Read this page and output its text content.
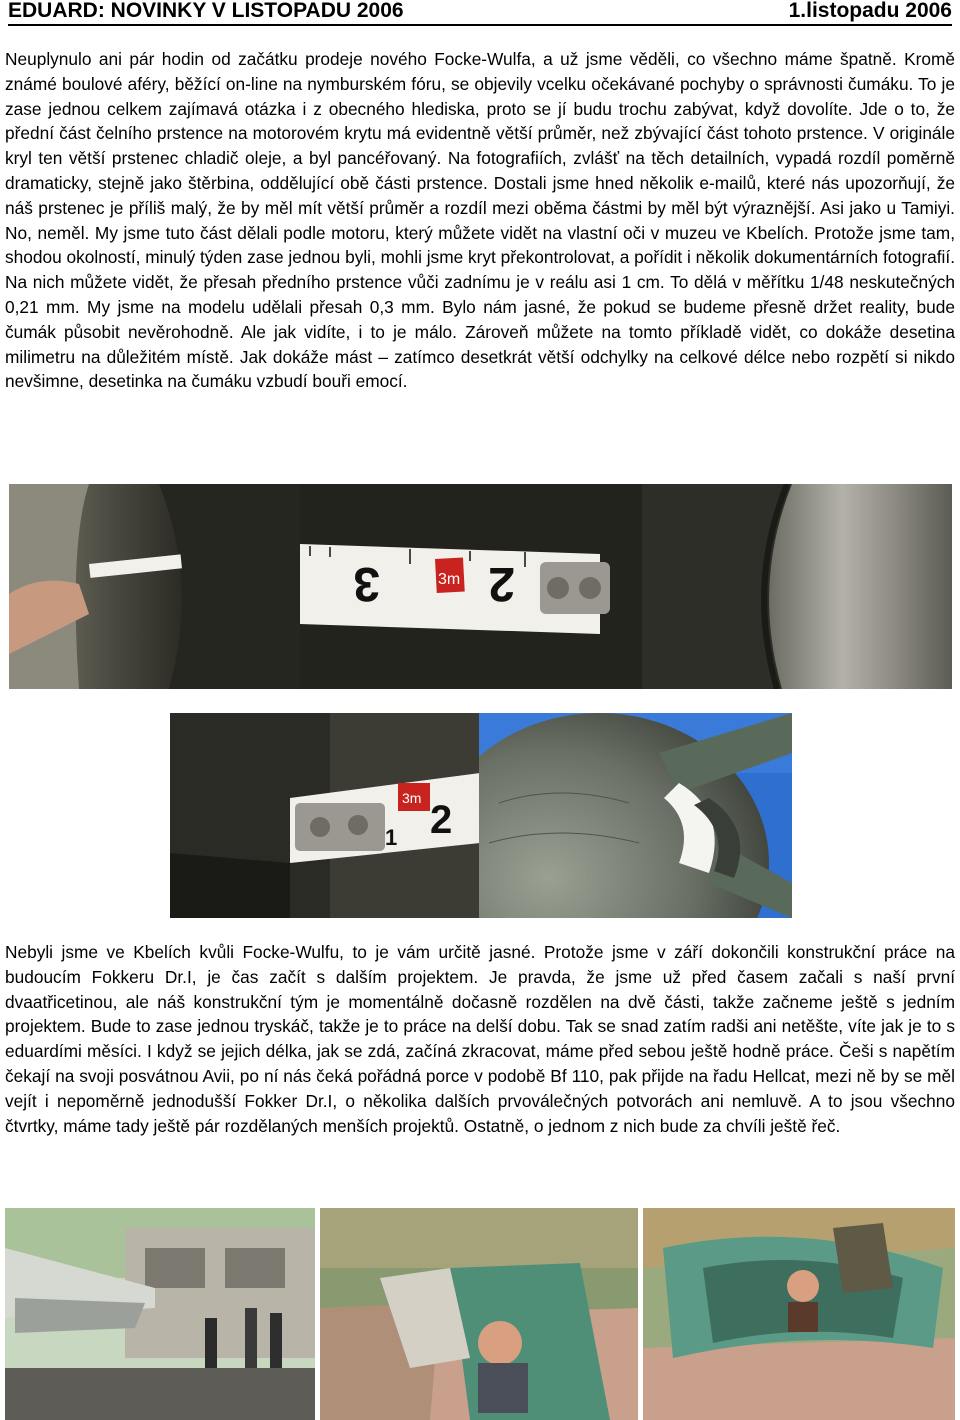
EDUARD: NOVINKY V LISTOPADU 2006	1.listopadu 2006

Neuplynulo ani pár hodin od začátku prodeje nového Focke-Wulfa, a už jsme věděli, co všechno máme špatně. Kromě známé boulové aféry, běžící on-line na nymburském fóru, se objevily vcelku očekávané pochyby o správnosti čumáku. To je zase jednou celkem zajímavá otázka i z obecného hlediska, proto se jí budu trochu zabývat, když dovolíte. Jde o to, že přední část čelního prstence na motorovém krytu má evidentně větší průměr, než zbývající část tohoto prstence. V originále kryl ten větší prstenec chladič oleje, a byl pancéřovaný. Na fotografiích, zvlášť na těch detailních, vypadá rozdíl poměrně dramaticky, stejně jako štěrbina, oddělující obě části prstence. Dostali jsme hned několik e-mailů, které nás upozorňují, že náš prstenec je příliš malý, že by měl mít větší průměr a rozdíl mezi oběma částmi by měl být výraznější. Asi jako u Tamiyi. No, neměl. My jsme tuto část dělali podle motoru, který můžete vidět na vlastní oči v muzeu ve Kbelích. Protože jsme tam, shodou okolností, minulý týden zase jednou byli, mohli jsme kryt překontrolovat, a pořídit i několik dokumentárních fotografií. Na nich můžete vidět, že přesah předního prstence vůči zadnímu je v reálu asi 1 cm. To dělá v měřítku 1/48 neskutečných 0,21 mm. My jsme na modelu udělali přesah 0,3 mm. Bylo nám jasné, že pokud se budeme přesně držet reality, bude čumák působit nevěrohodně. Ale jak vidíte, i to je málo. Zároveň můžete na tomto příkladě vidět, co dokáže desetina milimetru na důležitém místě. Jak dokáže mást – zatímco desetkrát větší odchylky na celkové délce nebo rozpětí si nikdo nevšimne, desetinka na čumáku vzbudí bouři emocí.

3	3m 2
2
3m
1

Nebyli jsme ve Kbelích kvůli Focke-Wulfu, to je vám určitě jasné. Protože jsme v září dokončili konstrukční práce na budoucím Fokkeru Dr.I, je čas začít s dalším projektem. Je pravda, že jsme už před časem začali s naší první dvaatřicetinou, ale náš konstrukční tým je momentálně dočasně rozdělen na dvě části, takže začneme ještě s jedním projektem. Bude to zase jednou tryskáč, takže je to práce na delší dobu. Tak se snad zatím radši ani netěšte, víte jak je to s eduardími měsíci. I když se jejich délka, jak se zdá, začíná zkracovat, máme před sebou ještě hodně práce. Češi s napětím čekají na svoji posvátnou Avii, po ní nás čeká pořádná porce v podobě Bf 110, pak přijde na řadu Hellcat, mezi ně by se měl vejít i nepoměrně jednodušší Fokker Dr.I, o několika dalších prvoválečných potvorách ani nemluvě. A to jsou všechno čtvrtky, máme tady ještě pár rozdělaných menších projektů. Ostatně, o jednom z nich bude za chvíli ještě řeč.
